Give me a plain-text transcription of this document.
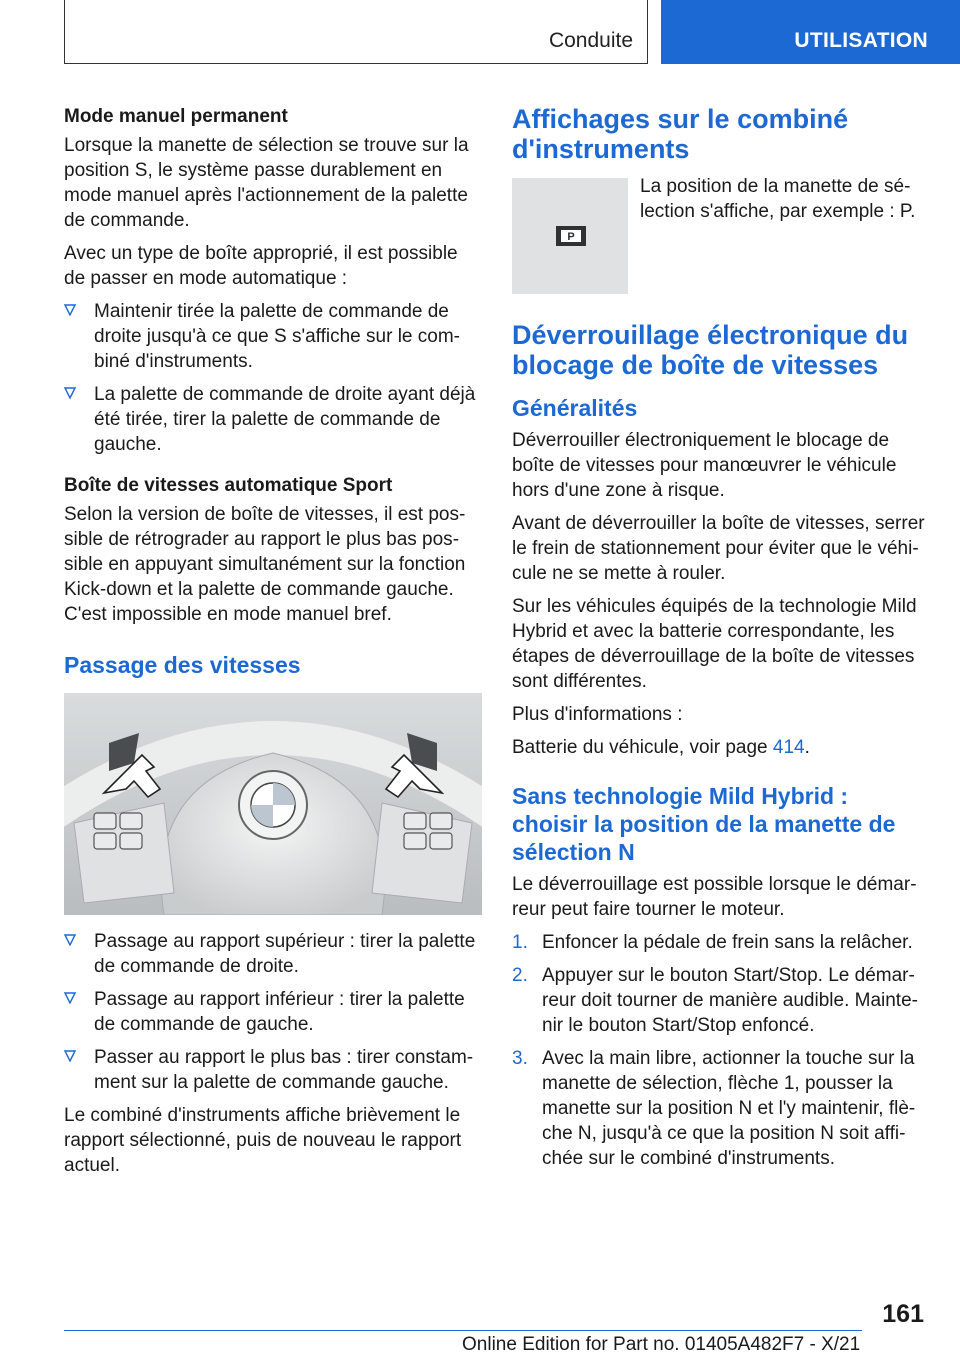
Conduite	UTILISATION
Mode manuel permanent

Lorsque la manette de sélection se trouve sur la position S, le système passe durablement en mode manuel après l'actionnement de la palette de commande.

Avec un type de boîte approprié, il est possible de passer en mode automatique :

Maintenir tirée la palette de commande de droite jusqu'à ce que S s'affiche sur le combiné d'instruments.
La palette de commande de droite ayant déjà été tirée, tirer la palette de commande de gauche.
Boîte de vitesses automatique Sport

Selon la version de boîte de vitesses, il est possible de rétrograder au rapport le plus bas possible en appuyant simultanément sur la fonction Kick-down et la palette de commande gauche. C'est impossible en mode manuel bref.

Passage des vitesses
Passage au rapport supérieur : tirer la palette de commande de droite.
Passage au rapport inférieur : tirer la palette de commande de gauche.
Passer au rapport le plus bas : tirer constamment sur la palette de commande gauche.

Le combiné d'instruments affiche brièvement le rapport sélectionné, puis de nouveau le rapport actuel.

Affichages sur le combiné d'instruments
P

La position de la manette de sélection s'affiche, par exemple : P.

Déverrouillage électronique du blocage de boîte de vitesses
Généralités

Déverrouiller électroniquement le blocage de boîte de vitesses pour manœuvrer le véhicule hors d'une zone à risque.

Avant de déverrouiller la boîte de vitesses, serrer le frein de stationnement pour éviter que le véhicule ne se mette à rouler.

Sur les véhicules équipés de la technologie Mild Hybrid et avec la batterie correspondante, les étapes de déverrouillage de la boîte de vitesses sont différentes.

Plus d'informations :

Batterie du véhicule, voir page 414.

Sans technologie Mild Hybrid : choisir la position de la manette de sélection N

Le déverrouillage est possible lorsque le démarreur peut faire tourner le moteur.

1. Enfoncer la pédale de frein sans la relâcher.
2. Appuyer sur le bouton Start/Stop. Le démarreur doit tourner de manière audible. Maintenir le bouton Start/Stop enfoncé.
3. Avec la main libre, actionner la touche sur la manette de sélection, flèche 1, pousser la manette sur la position N et l'y maintenir, flèche N, jusqu'à ce que la position N soit affichée sur le combiné d'instruments.
161
Online Edition for Part no. 01405A482F7 - X/21
